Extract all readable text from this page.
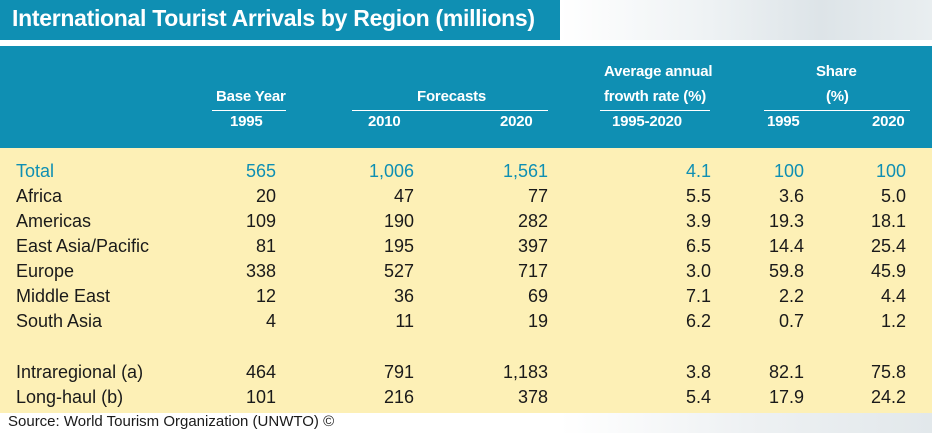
International Tourist Arrivals by Region (millions)
Base Year	Forecasts
Average annual
frowth rate (%)
Share
(%)
1995	2010	2020	1995-2020	1995	2020
Total	565	1,006	1,561	4.1	100	100
Africa	20	47	77	5.5	3.6	5.0
Americas	109	190	282	3.9	19.3	18.1
East Asia/Pacific	81	195	397	6.5	14.4	25.4
Europe	338	527	717	3.0	59.8	45.9
Middle East	12	36	69	7.1	2.2	4.4
South Asia	4	11	19	6.2	0.7	1.2
Intraregional (a)	464	791	1,183	3.8	82.1	75.8
Long-haul (b)	101	216	378	5.4	17.9	24.2
Source: World Tourism Organization (UNWTO) ©
